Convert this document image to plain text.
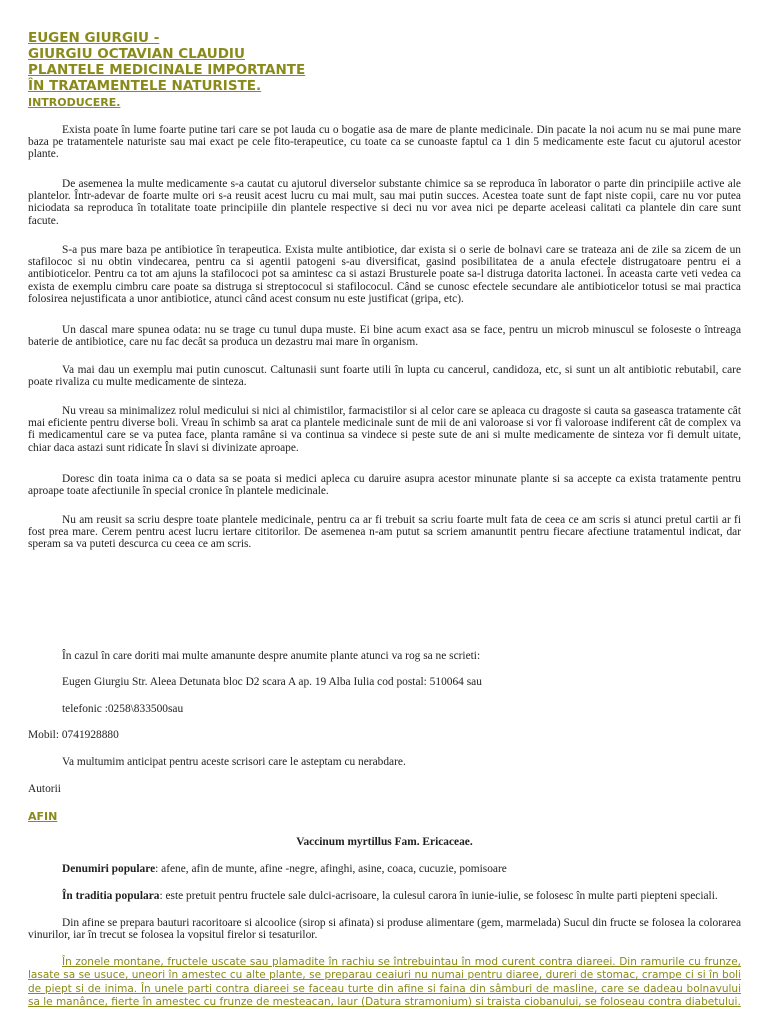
EUGEN GIURGIU -
GIURGIU OCTAVIAN CLAUDIU
PLANTELE MEDICINALE IMPORTANTE
ÎN TRATAMENTELE NATURISTE.
INTRODUCERE.

Exista poate în lume foarte putine tari care se pot lauda cu o bogatie asa de mare de plante medicinale. Din pacate la noi acum nu se mai pune mare baza pe tratamentele naturiste sau mai exact pe cele fito-terapeutice, cu toate ca se cunoaste faptul ca 1 din 5 medicamente este facut cu ajutorul acestor plante.

De asemenea la multe medicamente s-a cautat cu ajutorul diverselor substante chimice sa se reproduca în laborator o parte din principiile active ale plantelor. Într-adevar de foarte multe ori s-a reusit acest lucru cu mai mult, sau mai putin succes. Acestea toate sunt de fapt niste copii, care nu vor putea niciodata sa reproduca în totalitate toate principiile din plantele respective si deci nu vor avea nici pe departe aceleasi calitati ca plantele din care sunt facute.

S-a pus mare baza pe antibiotice în terapeutica. Exista multe antibiotice, dar exista si o serie de bolnavi care se trateaza ani de zile sa zicem de un stafilococ si nu obtin vindecarea, pentru ca si agentii patogeni s-au diversificat, gasind posibilitatea de a anula efectele distrugatoare pentru ei a antibioticelor. Pentru ca tot am ajuns la stafilococi pot sa amintesc ca si astazi Brusturele poate sa-l distruga datorita lactonei. În aceasta carte veti vedea ca exista de exemplu cimbru care poate sa distruga si streptococul si stafilococul. Când se cunosc efectele secundare ale antibioticelor totusi se mai practica folosirea nejustificata a unor antibiotice, atunci când acest consum nu este justificat (gripa, etc).

Un dascal mare spunea odata: nu se trage cu tunul dupa muste. Ei bine acum exact asa se face, pentru un microb minuscul se foloseste o întreaga baterie de antibiotice, care nu fac decât sa produca un dezastru mai mare în organism.

Va mai dau un exemplu mai putin cunoscut. Caltunasii sunt foarte utili în lupta cu cancerul, candidoza, etc, si sunt un alt antibiotic rebutabil, care poate rivaliza cu multe medicamente de sinteza.

Nu vreau sa minimalizez rolul medicului si nici al chimistilor, farmacistilor si al celor care se apleaca cu dragoste si cauta sa gaseasca tratamente cât mai eficiente pentru diverse boli. Vreau în schimb sa arat ca plantele medicinale sunt de mii de ani valoroase si vor fi valoroase indiferent cât de complex va fi medicamentul care se va putea face, planta ramâne si va continua sa vindece si peste sute de ani si multe medicamente de sinteza vor fi demult uitate, chiar daca astazi sunt ridicate În slavi si divinizate aproape.

Doresc din toata inima ca o data sa se poata si medici apleca cu daruire asupra acestor minunate plante si sa accepte ca exista tratamente pentru aproape toate afectiunile în special cronice în plantele medicinale.

Nu am reusit sa scriu despre toate plantele medicinale, pentru ca ar fi trebuit sa scriu foarte mult fata de ceea ce am scris si atunci pretul cartii ar fi fost prea mare. Cerem pentru acest lucru iertare cititorilor. De asemenea n-am putut sa scriem amanuntit pentru fiecare afectiune tratamentul indicat, dar speram sa va puteti descurca cu ceea ce am scris.

În cazul în care doriti mai multe amanunte despre anumite plante atunci va rog sa ne scrieti:

Eugen Giurgiu Str. Aleea Detunata bloc D2 scara A ap. 19 Alba Iulia cod postal: 510064 sau

telefonic :0258\833500sau

Mobil: 0741928880

Va multumim anticipat pentru aceste scrisori care le asteptam cu nerabdare.

Autorii

AFIN

Vaccinum myrtillus Fam. Ericaceae.

Denumiri populare: afene, afin de munte, afine -negre, afinghi, asine, coaca, cucuzie, pomisoare

În traditia populara: este pretuit pentru fructele sale dulci-acrisoare, la culesul carora în iunie-iulie, se folosesc în multe parti piepteni speciali.

Din afine se prepara bauturi racoritoare si alcoolice (sirop si afinata) si produse alimentare (gem, marmelada) Sucul din fructe se folosea la colorarea vinurilor, iar în trecut se folosea la vopsitul firelor si tesaturilor.

În zonele montane, fructele uscate sau plamadite în rachiu se întrebuintau în mod curent contra diareei. Din ramurile cu frunze, lasate sa se usuce, uneori în amestec cu alte plante, se preparau ceaiuri nu numai pentru diaree, dureri de stomac, crampe ci si în boli de piept si de inima. În unele parti contra diareei se faceau turte din afine si faina din sâmburi de masline, care se dadeau bolnavului sa le manânce, fierte în amestec cu frunze de mesteacan, laur (Datura stramonium) si traista ciobanului, se foloseau contra diabetului.
